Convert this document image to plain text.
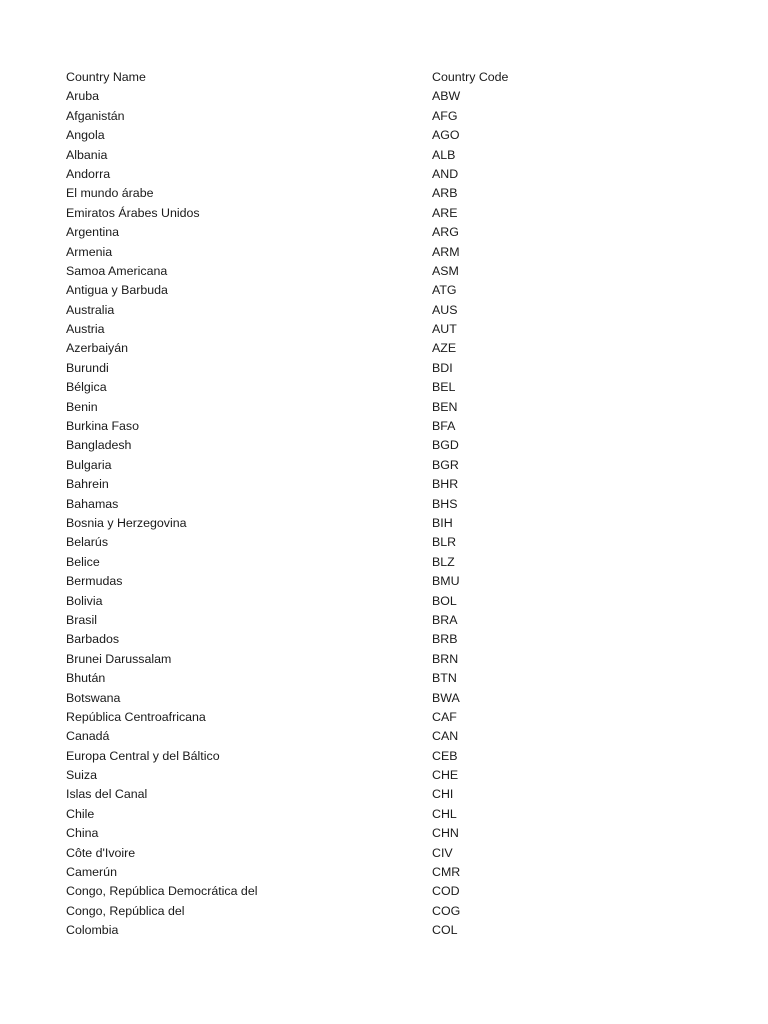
Country Name	Country Code
Aruba	ABW
Afganistán	AFG
Angola	AGO
Albania	ALB
Andorra	AND
El mundo árabe	ARB
Emiratos Árabes Unidos	ARE
Argentina	ARG
Armenia	ARM
Samoa Americana	ASM
Antigua y Barbuda	ATG
Australia	AUS
Austria	AUT
Azerbaiyán	AZE
Burundi	BDI
Bélgica	BEL
Benin	BEN
Burkina Faso	BFA
Bangladesh	BGD
Bulgaria	BGR
Bahrein	BHR
Bahamas	BHS
Bosnia y Herzegovina	BIH
Belarús	BLR
Belice	BLZ
Bermudas	BMU
Bolivia	BOL
Brasil	BRA
Barbados	BRB
Brunei Darussalam	BRN
Bhután	BTN
Botswana	BWA
República Centroafricana	CAF
Canadá	CAN
Europa Central y del Báltico	CEB
Suiza	CHE
Islas del Canal	CHI
Chile	CHL
China	CHN
Côte d'Ivoire	CIV
Camerún	CMR
Congo, República Democrática del	COD
Congo, República del	COG
Colombia	COL
